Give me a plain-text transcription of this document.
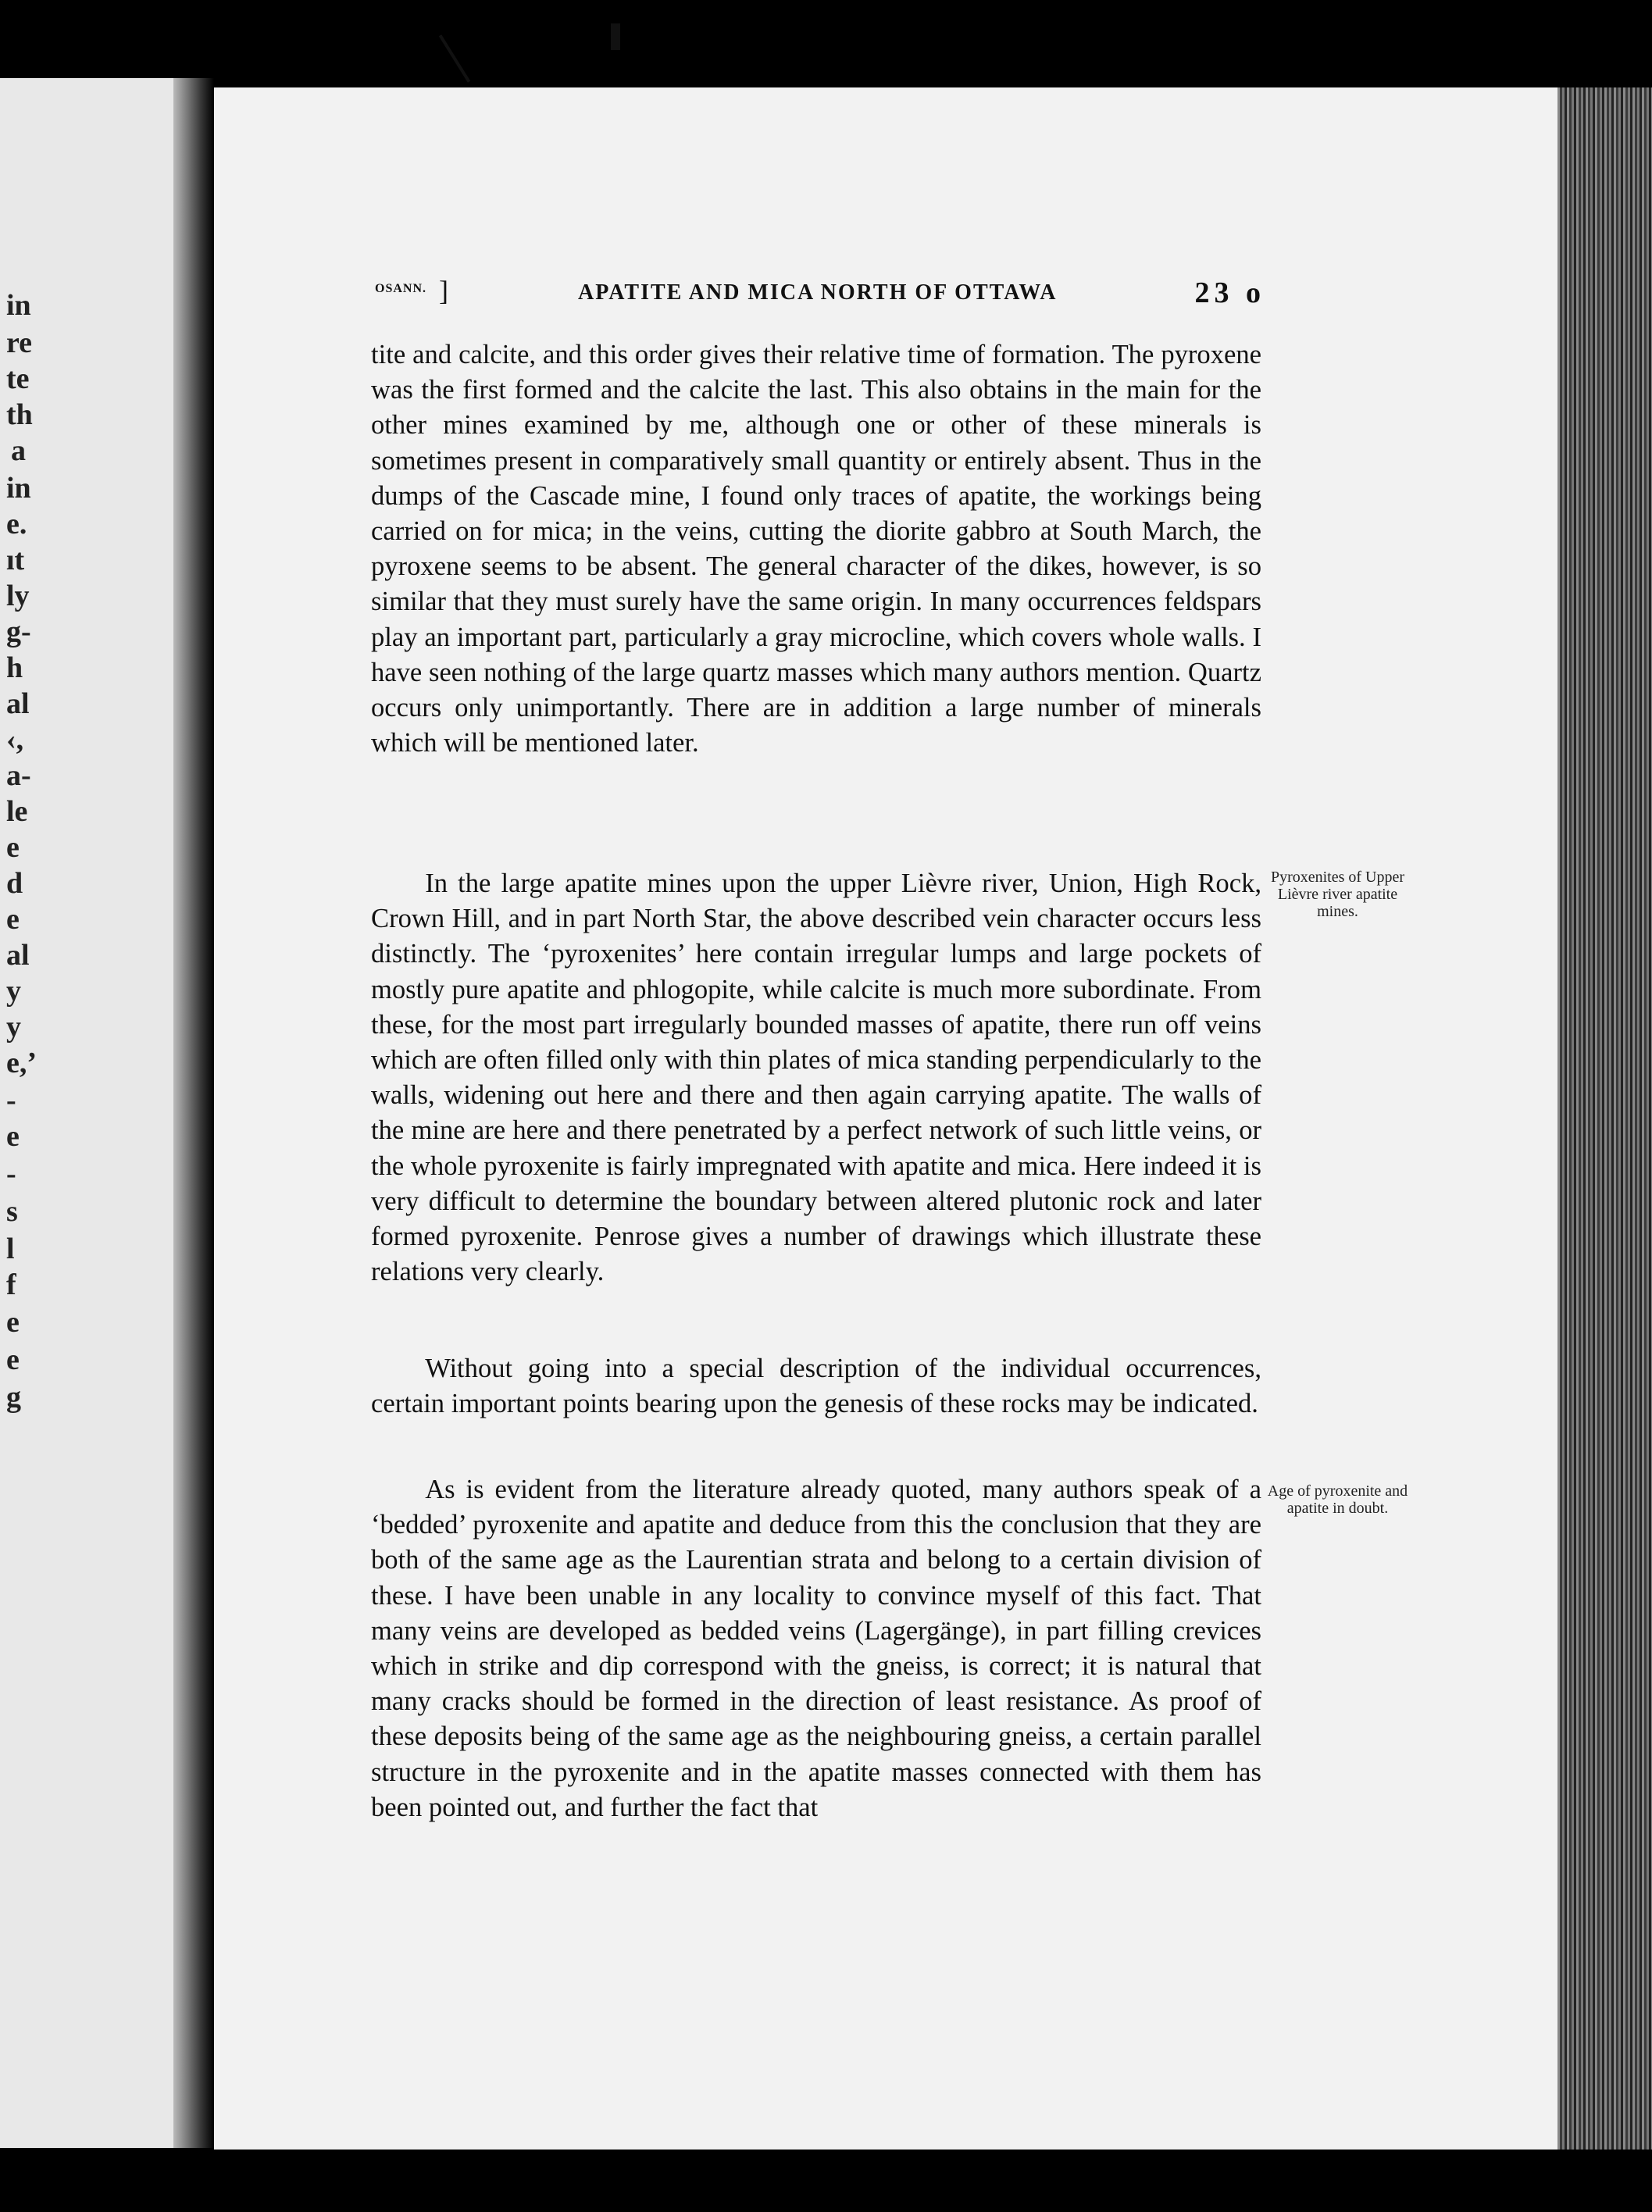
in
re
te
th
a
in
e.
ıt
ly
g-
h
al
‹,
a-
le
e
d
e
al
y
y
e,’
-
e
-
s
l
f
e
e
g
OSANN. ]	APATITE AND MICA NORTH OF OTTAWA	23 o

tite and calcite, and this order gives their relative time of formation. The pyroxene was the first formed and the calcite the last. This also obtains in the main for the other mines examined by me, although one or other of these minerals is sometimes present in comparatively small quantity or entirely absent. Thus in the dumps of the Cascade mine, I found only traces of apatite, the workings being carried on for mica; in the veins, cutting the diorite gabbro at South March, the pyroxene seems to be absent. The general character of the dikes, however, is so similar that they must surely have the same origin. In many occurrences feldspars play an important part, particularly a gray microcline, which covers whole walls. I have seen nothing of the large quartz masses which many authors mention. Quartz occurs only unimportantly. There are in addition a large number of minerals which will be mentioned later.

In the large apatite mines upon the upper Lièvre river, Union, High Rock, Crown Hill, and in part North Star, the above described vein character occurs less distinctly. The ‘pyroxenites’ here contain irregular lumps and large pockets of mostly pure apatite and phlogopite, while calcite is much more subordinate. From these, for the most part irregularly bounded masses of apatite, there run off veins which are often filled only with thin plates of mica standing perpendicularly to the walls, widening out here and there and then again carrying apatite. The walls of the mine are here and there penetrated by a perfect network of such little veins, or the whole pyroxenite is fairly impregnated with apatite and mica. Here indeed it is very difficult to determine the boundary between altered plutonic rock and later formed pyroxenite. Penrose gives a number of drawings which illustrate these relations very clearly.

Without going into a special description of the individual occurrences, certain important points bearing upon the genesis of these rocks may be indicated.

As is evident from the literature already quoted, many authors speak of a ‘bedded’ pyroxenite and apatite and deduce from this the conclusion that they are both of the same age as the Laurentian strata and belong to a certain division of these. I have been unable in any locality to convince myself of this fact. That many veins are developed as bedded veins (Lagergänge), in part filling crevices which in strike and dip correspond with the gneiss, is correct; it is natural that many cracks should be formed in the direction of least resistance. As proof of these deposits being of the same age as the neighbouring gneiss, a certain parallel structure in the pyroxenite and in the apatite masses connected with them has been pointed out, and further the fact that

Pyroxenites of Upper Lièvre river apatite mines.
Age of pyroxenite and apatite in doubt.
